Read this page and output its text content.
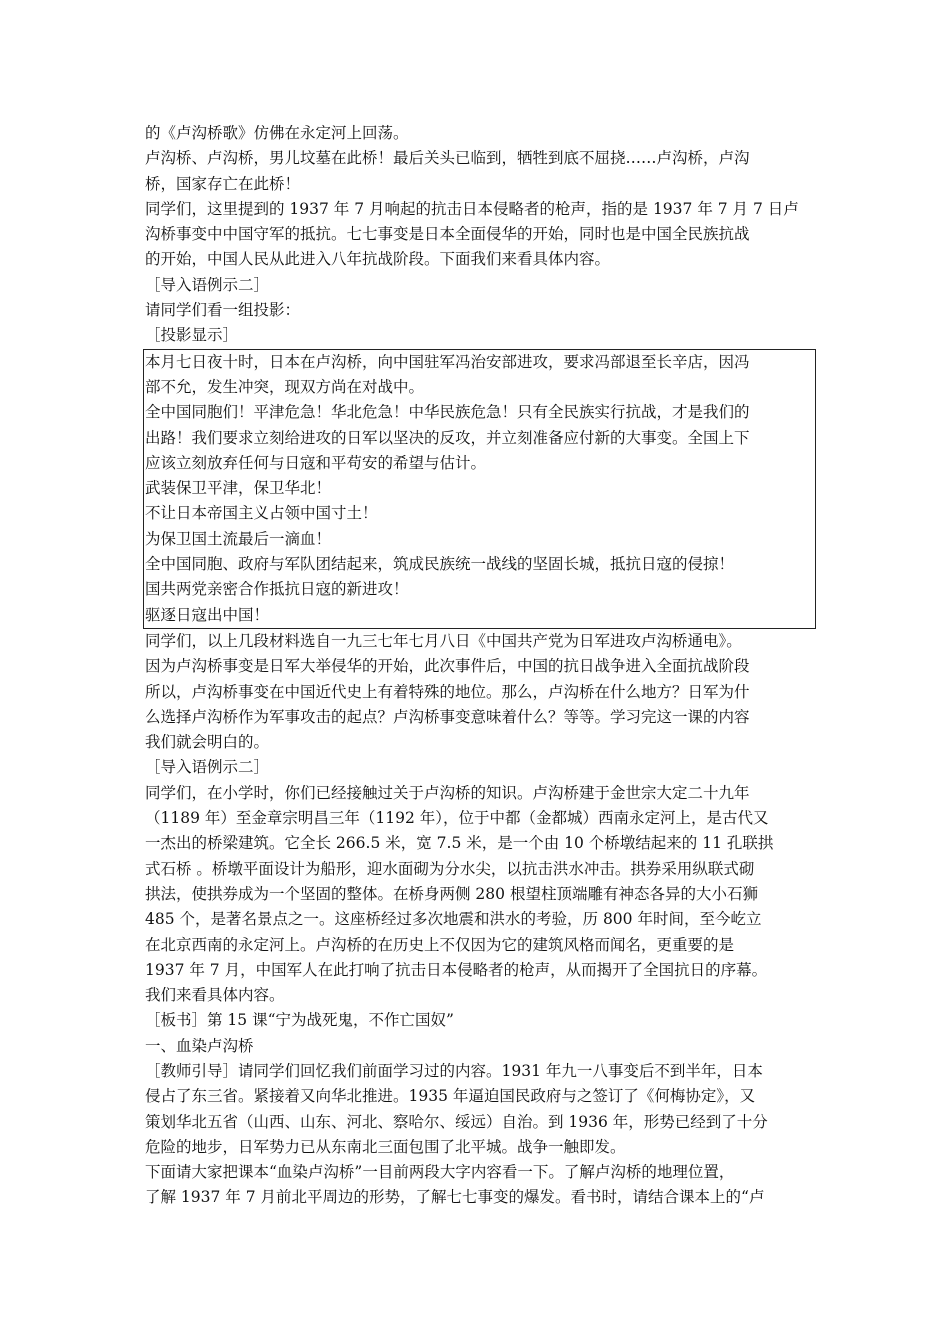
的《卢沟桥歌》仿佛在永定河上回荡。
卢沟桥、卢沟桥，男儿坟墓在此桥！最后关头已临到，牺牲到底不屈挠……卢沟桥，卢沟
桥，国家存亡在此桥！
同学们，这里提到的 1937 年 7 月响起的抗击日本侵略者的枪声，指的是 1937 年 7 月 7 日卢
沟桥事变中中国守军的抵抗。七七事变是日本全面侵华的开始，同时也是中国全民族抗战
的开始，中国人民从此进入八年抗战阶段。下面我们来看具体内容。
［导入语例示二］
请同学们看一组投影：
［投影显示］
本月七日夜十时，日本在卢沟桥，向中国驻军冯治安部进攻，要求冯部退至长辛店，因冯
部不允，发生冲突，现双方尚在对战中。
全中国同胞们！平津危急！华北危急！中华民族危急！只有全民族实行抗战，才是我们的
出路！我们要求立刻给进攻的日军以坚决的反攻，并立刻准备应付新的大事变。全国上下
应该立刻放弃任何与日寇和平苟安的希望与估计。
武装保卫平津，保卫华北！
不让日本帝国主义占领中国寸土！
为保卫国土流最后一滴血！
全中国同胞、政府与军队团结起来，筑成民族统一战线的坚固长城，抵抗日寇的侵掠！
国共两党亲密合作抵抗日寇的新进攻！
驱逐日寇出中国！
同学们，以上几段材料选自一九三七年七月八日《中国共产党为日军进攻卢沟桥通电》。
因为卢沟桥事变是日军大举侵华的开始，此次事件后，中国的抗日战争进入全面抗战阶段
所以，卢沟桥事变在中国近代史上有着特殊的地位。那么，卢沟桥在什么地方？日军为什
么选择卢沟桥作为军事攻击的起点？卢沟桥事变意味着什么？等等。学习完这一课的内容
我们就会明白的。
［导入语例示二］
同学们，在小学时，你们已经接触过关于卢沟桥的知识。卢沟桥建于金世宗大定二十九年
（1189 年）至金章宗明昌三年（1192 年），位于中都（金都城）西南永定河上，是古代又
一杰出的桥梁建筑。它全长 266.5 米，宽 7.5 米，是一个由 10 个桥墩结起来的 11 孔联拱
式石桥 。桥墩平面设计为船形，迎水面砌为分水尖，以抗击洪水冲击。拱券采用纵联式砌
拱法，使拱券成为一个坚固的整体。在桥身两侧 280 根望柱顶端雕有神态各异的大小石狮
485 个，是著名景点之一。这座桥经过多次地震和洪水的考验，历 800 年时间，至今屹立
在北京西南的永定河上。卢沟桥的在历史上不仅因为它的建筑风格而闻名，更重要的是
1937 年 7 月，中国军人在此打响了抗击日本侵略者的枪声，从而揭开了全国抗日的序幕。
我们来看具体内容。
［板书］第 15 课“宁为战死鬼，不作亡国奴”
一、血染卢沟桥
［教师引导］请同学们回忆我们前面学习过的内容。1931 年九一八事变后不到半年，日本
侵占了东三省。紧接着又向华北推进。1935 年逼迫国民政府与之签订了《何梅协定》，又
策划华北五省（山西、山东、河北、察哈尔、绥远）自治。到 1936 年，形势已经到了十分
危险的地步，日军势力已从东南北三面包围了北平城。战争一触即发。
下面请大家把课本“血染卢沟桥”一目前两段大字内容看一下。了解卢沟桥的地理位置，
了解 1937 年 7 月前北平周边的形势，了解七七事变的爆发。看书时，请结合课本上的“卢
